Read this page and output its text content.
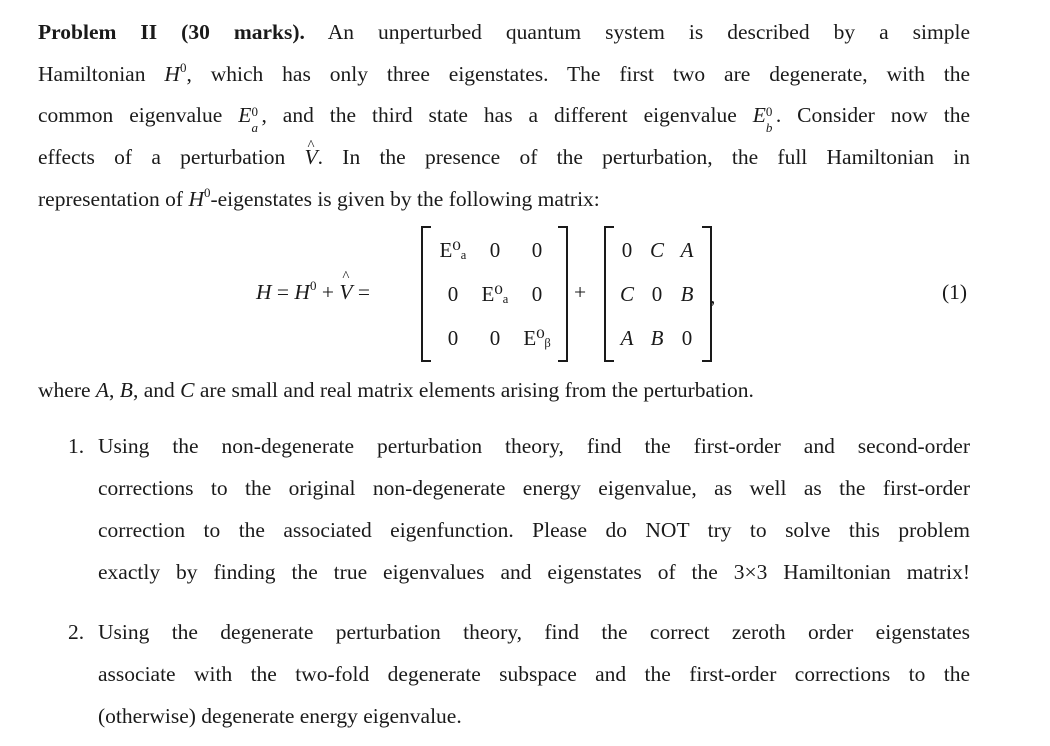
Problem II (30 marks). An unperturbed quantum system is described by a simple
Hamiltonian $H^0$, which has only three eigenstates. The first two are degenerate, with the
common eigenvalue E 0
a
, and the third state has a different eigenvalue E 0
b
. Consider now the
effects of a perturbation ^ V. In the presence of the perturbation, the full Hamiltonian in
representation of $H^0$-eigenstates is given by the following matrix:
$H = H^0$ + ^ V =
E⁰ₐ	0	0
0	E⁰ₐ	0
0	0	E⁰ᵦ
+
0 C A
C 0 B
A B 0
,	(1)
where A, B, and C are small and real matrix elements arising from the perturbation.
1. Using the non-degenerate perturbation theory, find the first-order and second-order
corrections to the original non-degenerate energy eigenvalue, as well as the first-order
correction to the associated eigenfunction. Please do NOT try to solve this problem
exactly by finding the true eigenvalues and eigenstates of the 3×3 Hamiltonian matrix!
2. Using the degenerate perturbation theory, find the correct zeroth order eigenstates
associate with the two-fold degenerate subspace and the first-order corrections to the
(otherwise) degenerate energy eigenvalue.
